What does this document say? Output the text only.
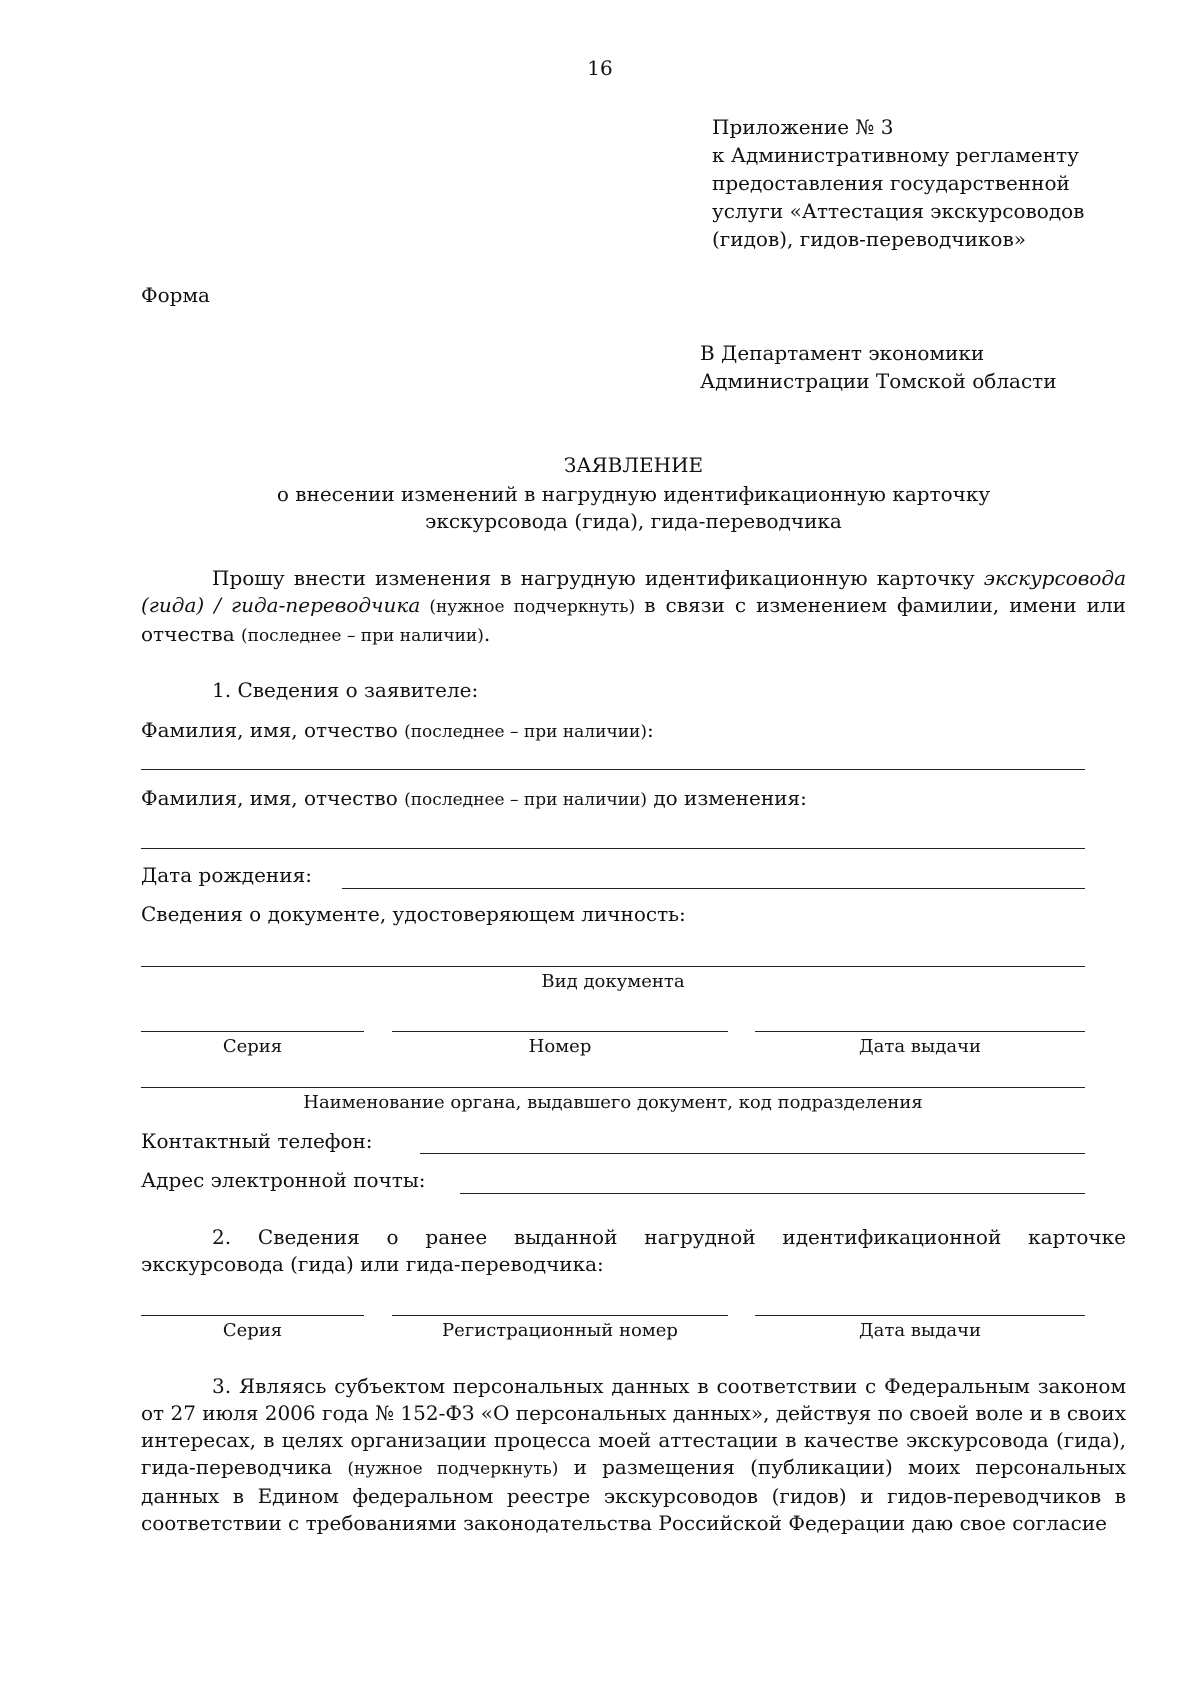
16
Приложение № 3
к Административному регламенту
предоставления государственной
услуги «Аттестация экскурсоводов
(гидов), гидов-переводчиков»
Форма
В Департамент экономики
Администрации Томской области
ЗАЯВЛЕНИЕ
о внесении изменений в нагрудную идентификационную карточку
экскурсовода (гида), гида-переводчика
Прошу внести изменения в нагрудную идентификационную карточку экскурсовода (гида) / гида-переводчика (нужное подчеркнуть) в связи с изменением фамилии, имени или отчества (последнее – при наличии).
1. Сведения о заявителе:
Фамилия, имя, отчество (последнее – при наличии):
Фамилия, имя, отчество (последнее – при наличии) до изменения:
Дата рождения:
Сведения о документе, удостоверяющем личность:
Вид документа
Серия	Номер	Дата выдачи
Наименование органа, выдавшего документ, код подразделения
Контактный телефон:
Адрес электронной почты:
2. Сведения о ранее выданной нагрудной идентификационной карточке экскурсовода (гида) или гида-переводчика:
Серия	Регистрационный номер	Дата выдачи
3. Являясь субъектом персональных данных в соответствии с Федеральным законом от 27 июля 2006 года № 152-ФЗ «О персональных данных», действуя по своей воле и в своих интересах, в целях организации процесса моей аттестации в качестве экскурсовода (гида), гида-переводчика (нужное подчеркнуть) и размещения (публикации) моих персональных данных в Едином федеральном реестре экскурсоводов (гидов) и гидов-переводчиков в соответствии с требованиями законодательства Российской Федерации даю свое согласие
